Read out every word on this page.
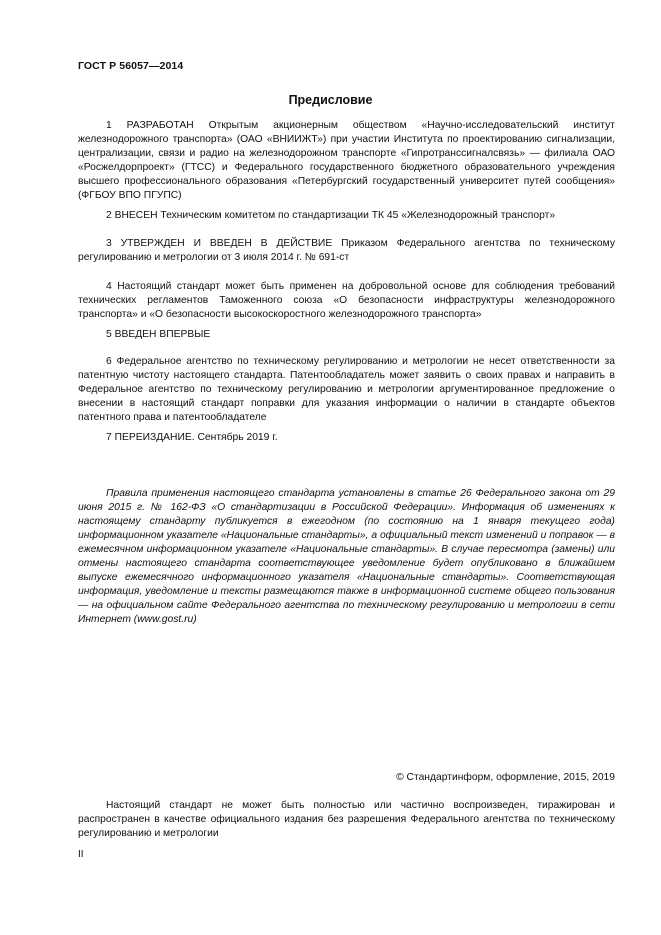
ГОСТ Р 56057—2014
Предисловие

1 РАЗРАБОТАН Открытым акционерным обществом «Научно-исследовательский институт железнодорожного транспорта» (ОАО «ВНИИЖТ») при участии Института по проектированию сигнализации, централизации, связи и радио на железнодорожном транспорте «Гипротранссигналсвязь» — филиала ОАО «Росжелдорпроект» (ГТСС) и Федерального государственного бюджетного образовательного учреждения высшего профессионального образования «Петербургский государственный университет путей сообщения» (ФГБОУ ВПО ПГУПС)

2 ВНЕСЕН Техническим комитетом по стандартизации ТК 45 «Железнодорожный транспорт»

3 УТВЕРЖДЕН И ВВЕДЕН В ДЕЙСТВИЕ Приказом Федерального агентства по техническому регулированию и метрологии от 3 июля 2014 г. № 691-ст

4 Настоящий стандарт может быть применен на добровольной основе для соблюдения требований технических регламентов Таможенного союза «О безопасности инфраструктуры железнодорожного транспорта» и «О безопасности высокоскоростного железнодорожного транспорта»

5 ВВЕДЕН ВПЕРВЫЕ

6 Федеральное агентство по техническому регулированию и метрологии не несет ответственности за патентную чистоту настоящего стандарта. Патентообладатель может заявить о своих правах и направить в Федеральное агентство по техническому регулированию и метрологии аргументированное предложение о внесении в настоящий стандарт поправки для указания информации о наличии в стандарте объектов патентного права и патентообладателе

7 ПЕРЕИЗДАНИЕ. Сентябрь 2019 г.

Правила применения настоящего стандарта установлены в статье 26 Федерального закона от 29 июня 2015 г. № 162-ФЗ «О стандартизации в Российской Федерации». Информация об изменениях к настоящему стандарту публикуется в ежегодном (по состоянию на 1 января текущего года) информационном указателе «Национальные стандарты», а официальный текст изменений и поправок — в ежемесячном информационном указателе «Национальные стандарты». В случае пересмотра (замены) или отмены настоящего стандарта соответствующее уведомление будет опубликовано в ближайшем выпуске ежемесячного информационного указателя «Национальные стандарты». Соответствующая информация, уведомление и тексты размещаются также в информационной системе общего пользования — на официальном сайте Федерального агентства по техническому регулированию и метрологии в сети Интернет (www.gost.ru)

© Стандартинформ, оформление, 2015, 2019

Настоящий стандарт не может быть полностью или частично воспроизведен, тиражирован и распространен в качестве официального издания без разрешения Федерального агентства по техническому регулированию и метрологии

II
